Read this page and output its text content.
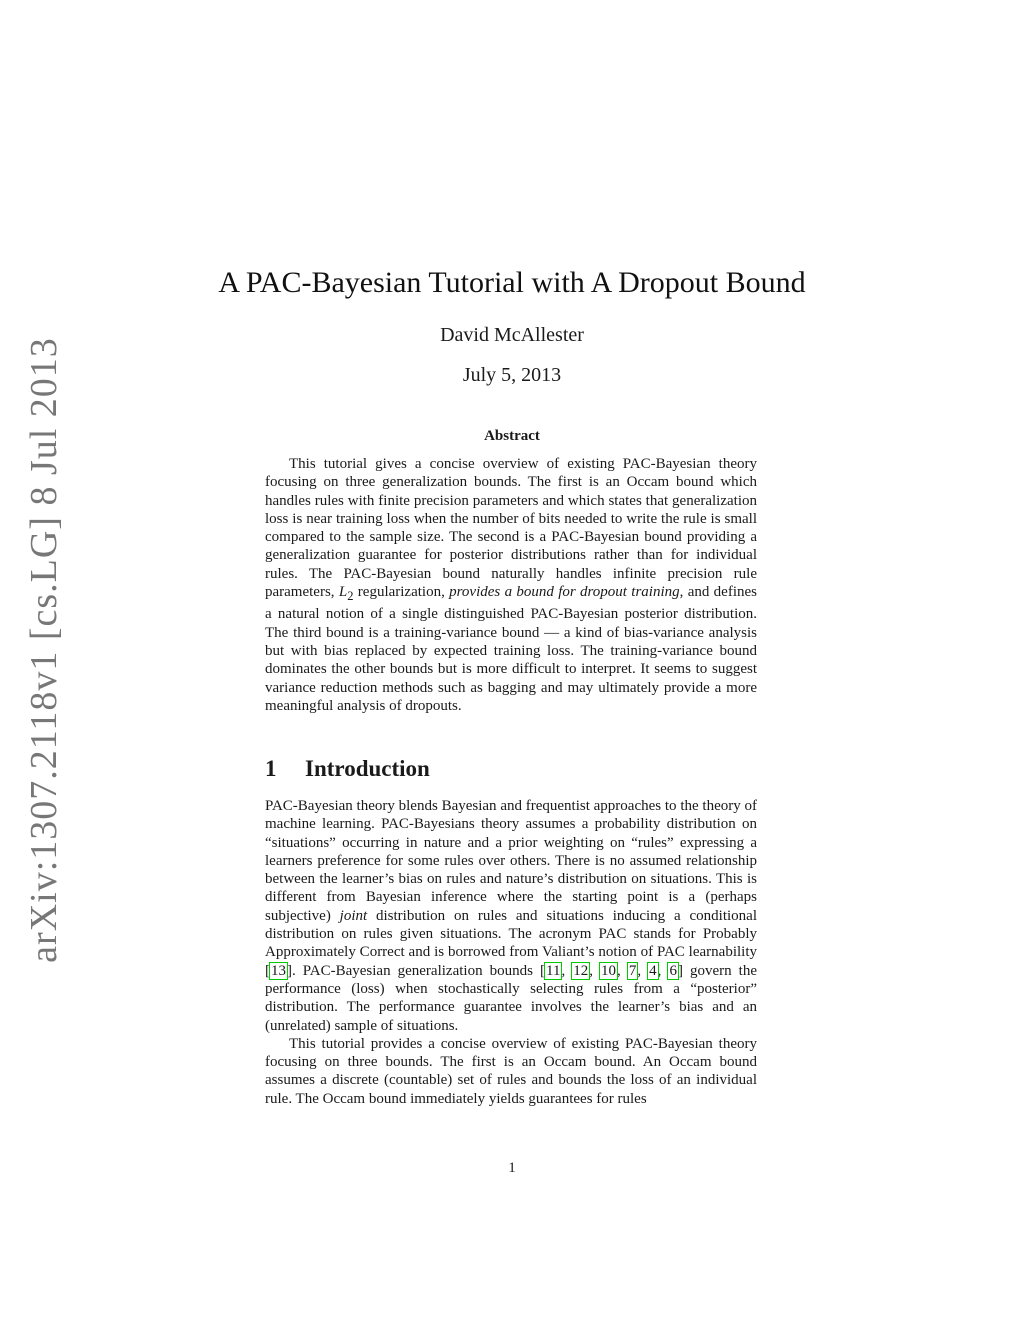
arXiv:1307.2118v1 [cs.LG] 8 Jul 2013
A PAC-Bayesian Tutorial with A Dropout Bound
David McAllester
July 5, 2013
Abstract

This tutorial gives a concise overview of existing PAC-Bayesian theory focusing on three generalization bounds. The first is an Occam bound which handles rules with finite precision parameters and which states that generalization loss is near training loss when the number of bits needed to write the rule is small compared to the sample size. The second is a PAC-Bayesian bound providing a generalization guarantee for posterior distributions rather than for individual rules. The PAC-Bayesian bound naturally handles infinite precision rule parameters, $L_2$ regularization, provides a bound for dropout training, and defines a natural notion of a single distinguished PAC-Bayesian posterior distribution. The third bound is a training-variance bound — a kind of bias-variance analysis but with bias replaced by expected training loss. The training-variance bound dominates the other bounds but is more difficult to interpret. It seems to suggest variance reduction methods such as bagging and may ultimately provide a more meaningful analysis of dropouts.

1 Introduction

PAC-Bayesian theory blends Bayesian and frequentist approaches to the theory of machine learning. PAC-Bayesians theory assumes a probability distribution on “situations” occurring in nature and a prior weighting on “rules” expressing a learners preference for some rules over others. There is no assumed relationship between the learner’s bias on rules and nature’s distribution on situations. This is different from Bayesian inference where the starting point is a (perhaps subjective) joint distribution on rules and situations inducing a conditional distribution on rules given situations. The acronym PAC stands for Probably Approximately Correct and is borrowed from Valiant’s notion of PAC learnability [13]. PAC-Bayesian generalization bounds [11, 12, 10, 7, 4, 6] govern the performance (loss) when stochastically selecting rules from a “posterior” distribution. The performance guarantee involves the learner’s bias and an (unrelated) sample of situations.

This tutorial provides a concise overview of existing PAC-Bayesian theory focusing on three bounds. The first is an Occam bound. An Occam bound assumes a discrete (countable) set of rules and bounds the loss of an individual rule. The Occam bound immediately yields guarantees for rules

1
